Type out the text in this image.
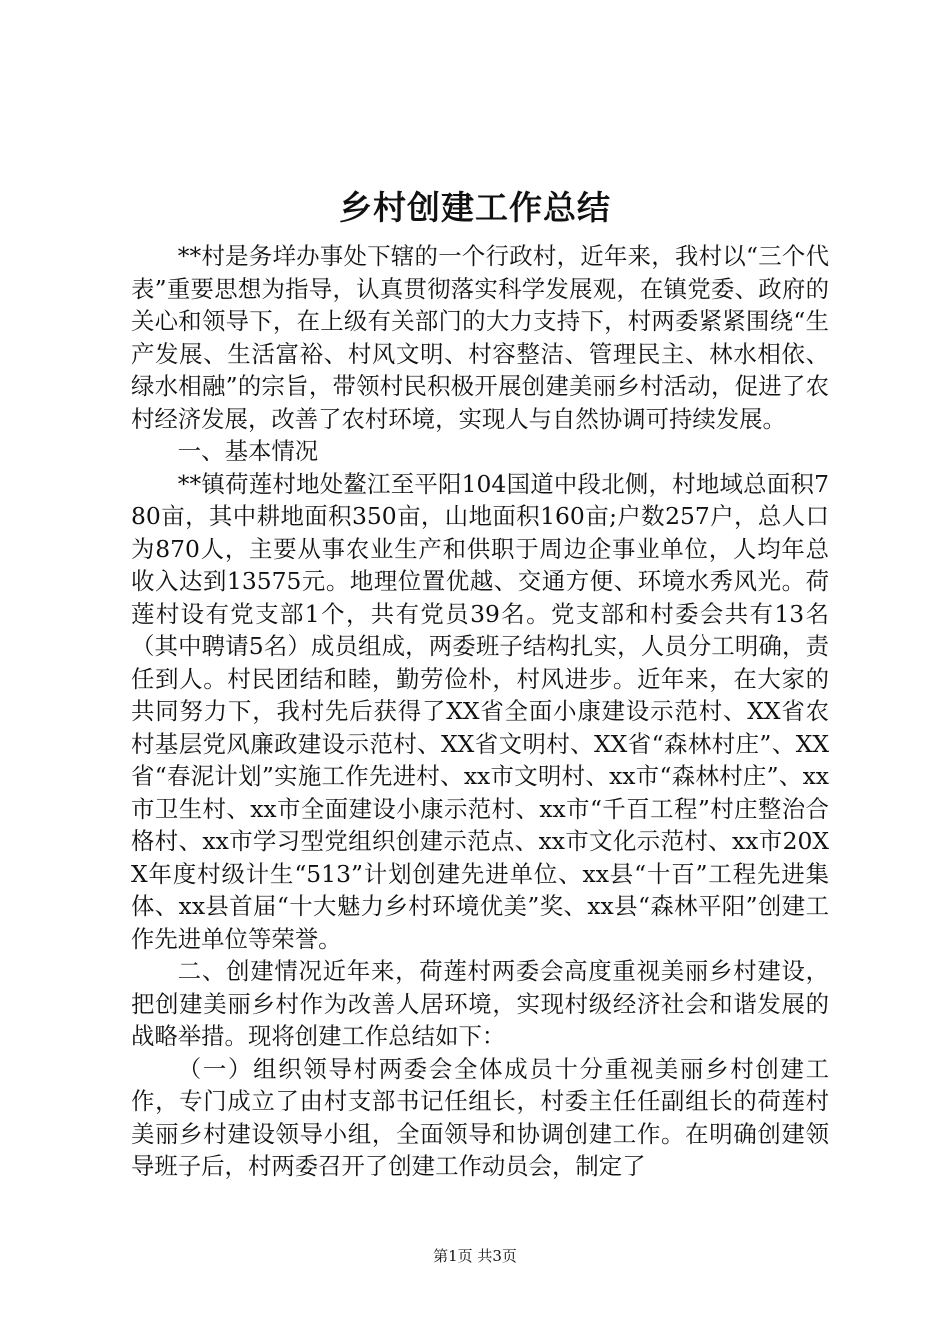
乡村创建工作总结

**村是务垟办事处下辖的一个行政村，近年来，我村以“三个代表”重要思想为指导，认真贯彻落实科学发展观，在镇党委、政府的关心和领导下，在上级有关部门的大力支持下，村两委紧紧围绕“生产发展、生活富裕、村风文明、村容整洁、管理民主、林水相依、绿水相融”的宗旨，带领村民积极开展创建美丽乡村活动，促进了农村经济发展，改善了农村环境，实现人与自然协调可持续发展。

一、基本情况

**镇荷莲村地处鳌江至平阳104国道中段北侧，村地域总面积780亩，其中耕地面积350亩，山地面积160亩;户数257户，总人口为870人，主要从事农业生产和供职于周边企事业单位，人均年总收入达到13575元。地理位置优越、交通方便、环境水秀风光。荷莲村设有党支部1个，共有党员39名。党支部和村委会共有13名（其中聘请5名）成员组成，两委班子结构扎实，人员分工明确，责任到人。村民团结和睦，勤劳俭朴，村风进步。近年来，在大家的共同努力下，我村先后获得了XX省全面小康建设示范村、XX省农村基层党风廉政建设示范村、XX省文明村、XX省“森林村庄”、XX省“春泥计划”实施工作先进村、xx市文明村、xx市“森林村庄”、xx市卫生村、xx市全面建设小康示范村、xx市“千百工程”村庄整治合格村、xx市学习型党组织创建示范点、xx市文化示范村、xx市20XX年度村级计生“513”计划创建先进单位、xx县“十百”工程先进集体、xx县首届“十大魅力乡村环境优美”奖、xx县“森林平阳”创建工作先进单位等荣誉。

二、创建情况近年来，荷莲村两委会高度重视美丽乡村建设，把创建美丽乡村作为改善人居环境，实现村级经济社会和谐发展的战略举措。现将创建工作总结如下：

（一）组织领导村两委会全体成员十分重视美丽乡村创建工作，专门成立了由村支部书记任组长，村委主任任副组长的荷莲村美丽乡村建设领导小组，全面领导和协调创建工作。在明确创建领导班子后，村两委召开了创建工作动员会，制定了

第1页 共3页
